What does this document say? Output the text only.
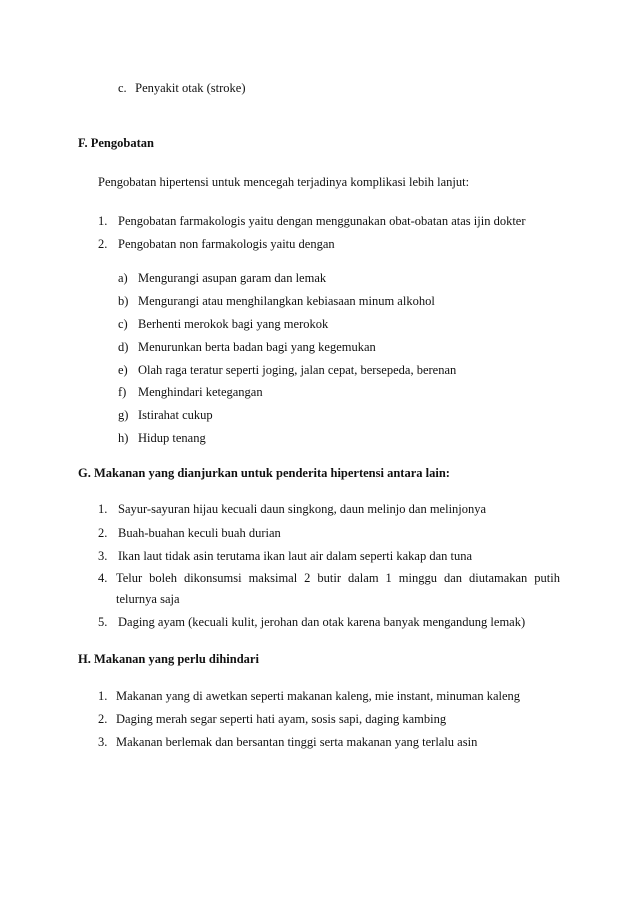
c. Penyakit otak (stroke)
F. Pengobatan
Pengobatan hipertensi untuk mencegah terjadinya komplikasi lebih lanjut:
1. Pengobatan farmakologis yaitu dengan menggunakan obat-obatan atas ijin dokter
2. Pengobatan non farmakologis yaitu dengan
a) Mengurangi asupan garam dan lemak
b) Mengurangi atau menghilangkan kebiasaan minum alkohol
c) Berhenti merokok bagi yang merokok
d) Menurunkan berta badan bagi yang kegemukan
e) Olah raga teratur seperti joging, jalan cepat, bersepeda, berenan
f) Menghindari ketegangan
g) Istirahat cukup
h) Hidup tenang
G. Makanan yang dianjurkan untuk penderita hipertensi antara lain:
1. Sayur-sayuran hijau kecuali daun singkong, daun melinjo dan melinjonya
2. Buah-buahan keculi buah durian
3. Ikan laut tidak asin terutama ikan laut air dalam seperti kakap dan tuna
4. Telur boleh dikonsumsi maksimal 2 butir dalam 1 minggu dan diutamakan putih
telurnya saja
5. Daging ayam (kecuali kulit, jerohan dan otak karena banyak mengandung lemak)
H. Makanan yang perlu dihindari
1. Makanan yang di awetkan seperti makanan kaleng, mie instant, minuman kaleng
2. Daging merah segar seperti hati ayam, sosis sapi, daging kambing
3. Makanan berlemak dan bersantan tinggi serta makanan yang terlalu asin
